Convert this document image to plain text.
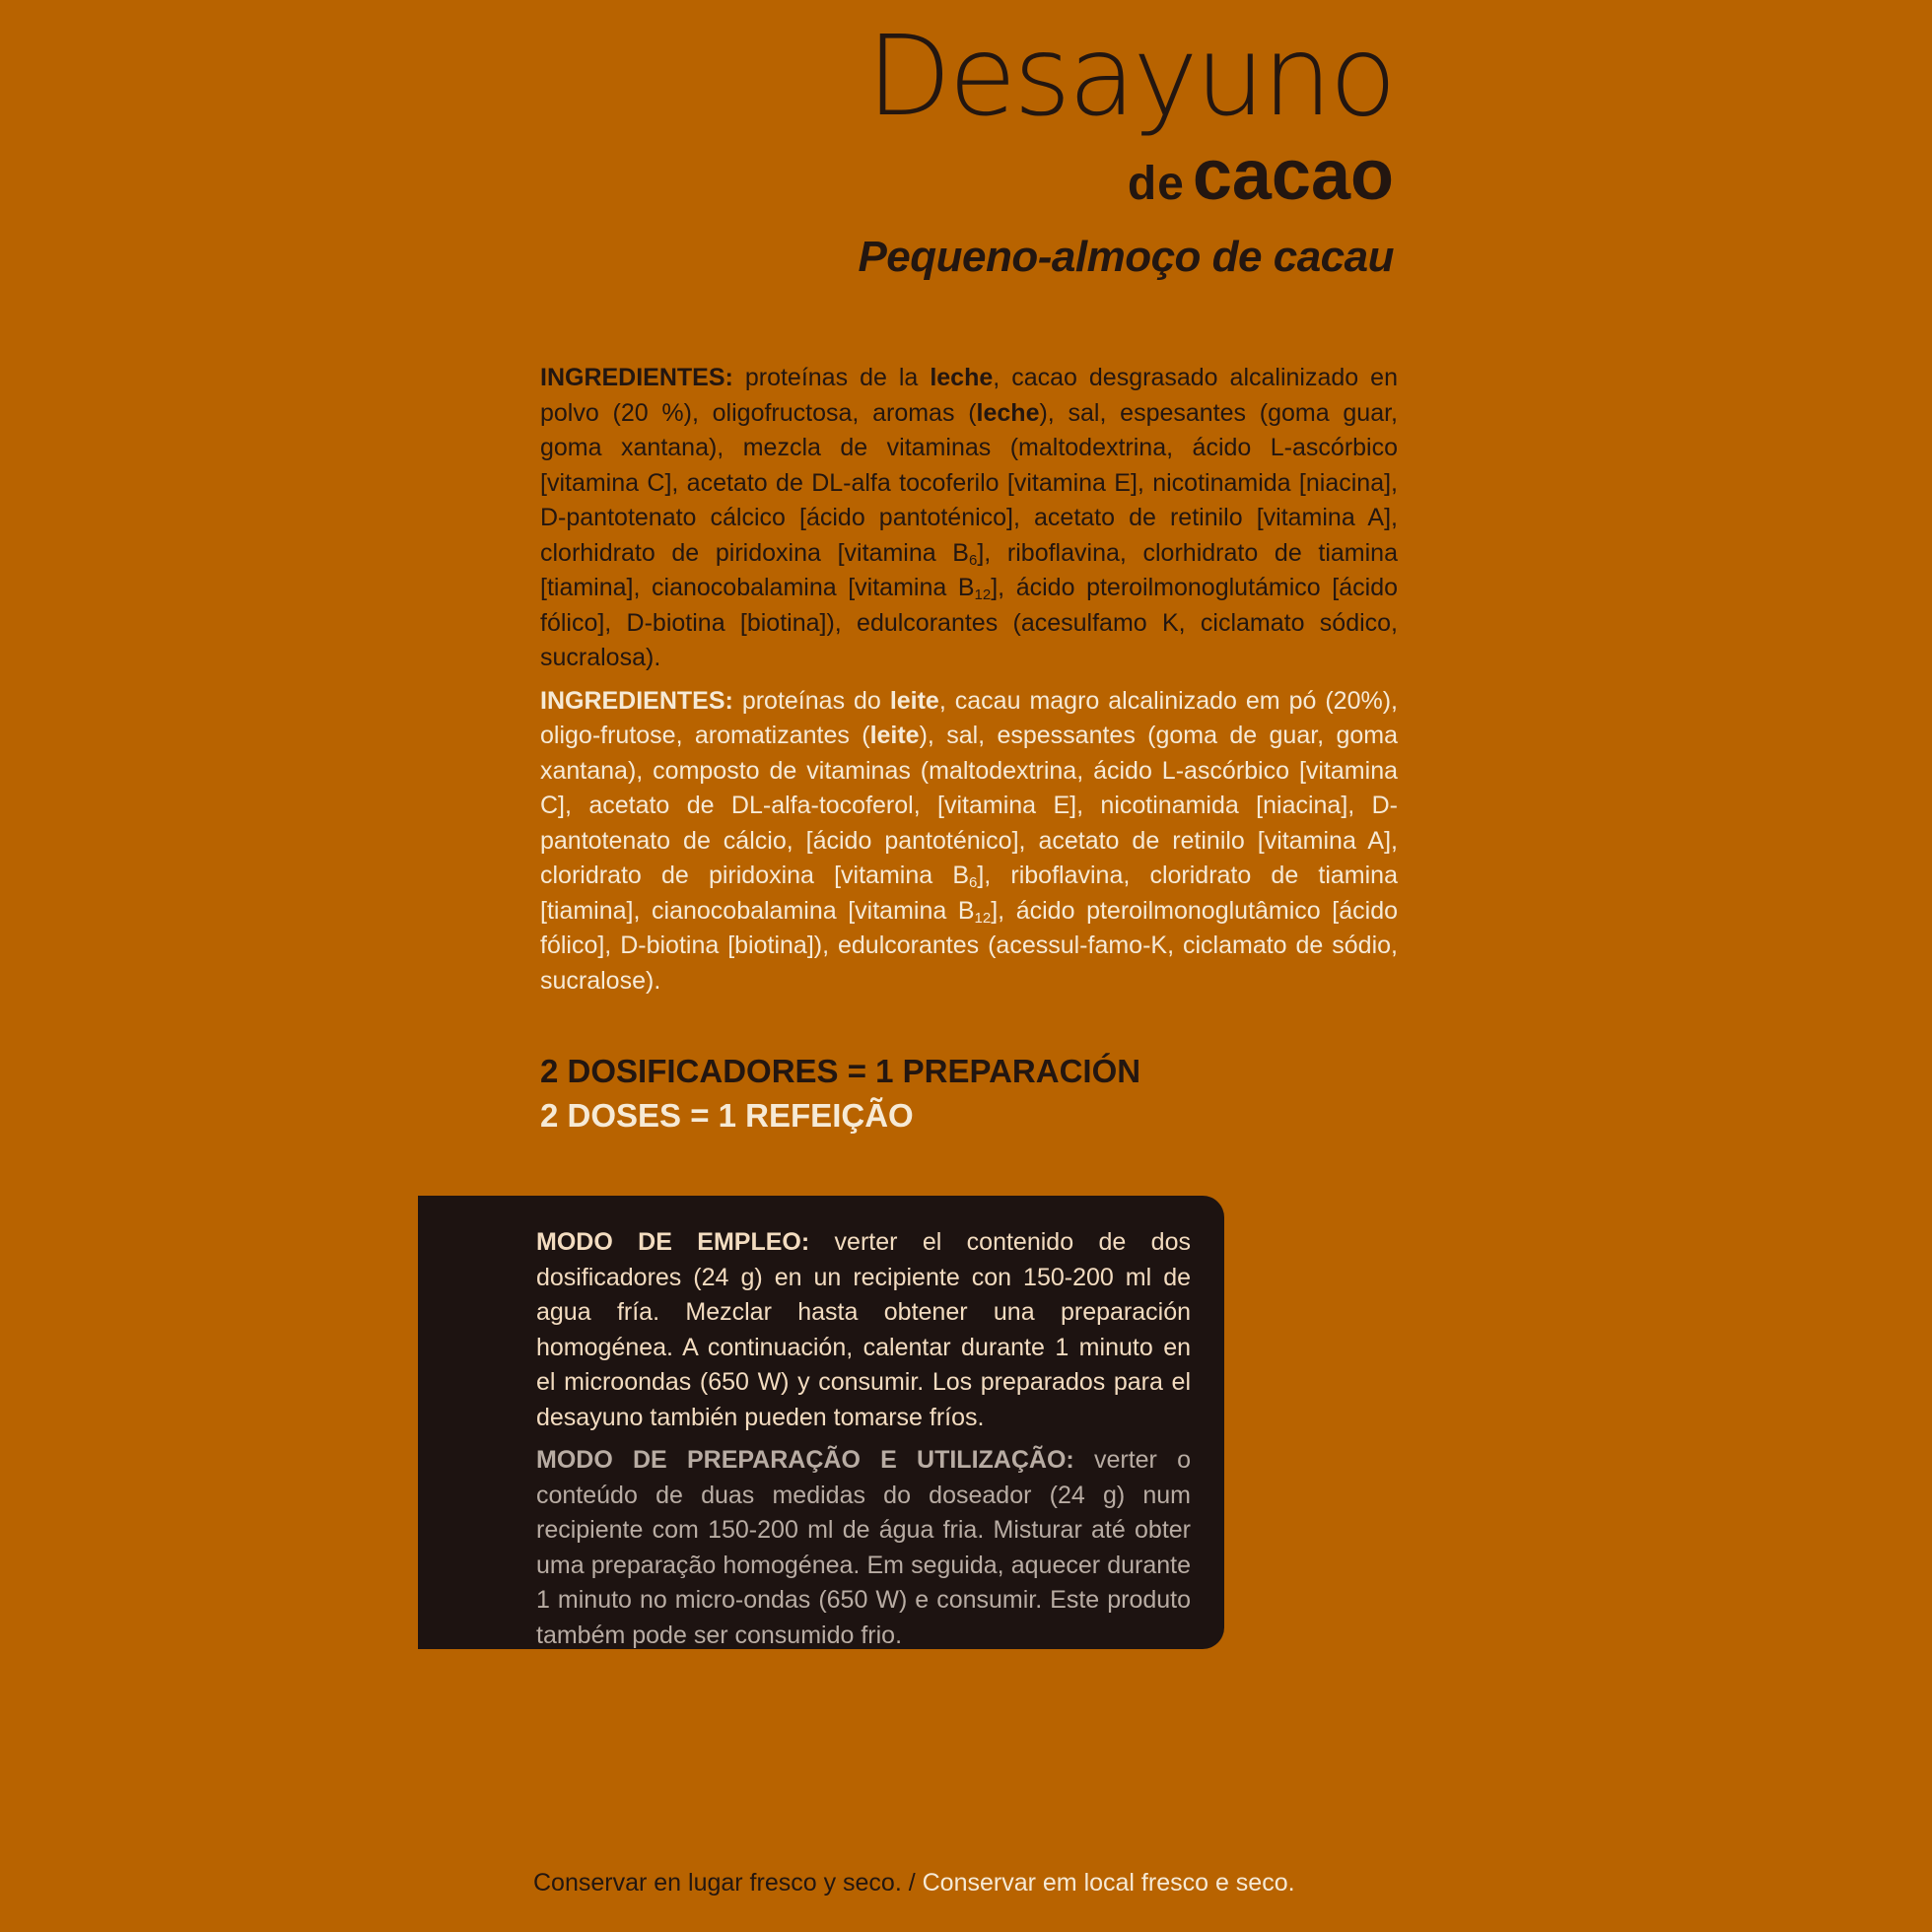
Desayuno
de cacao
Pequeno-almoço de cacau

INGREDIENTES: proteínas de la leche, cacao desgrasado alcalinizado en polvo (20 %), oligofructosa, aromas (leche), sal, espesantes (goma guar, goma xantana), mezcla de vitaminas (maltodextrina, ácido L-ascórbico [vitamina C], acetato de DL-alfa tocoferilo [vitamina E], nicotinamida [niacina], D-pantotenato cálcico [ácido pantoténico], acetato de retinilo [vitamina A], clorhidrato de piridoxina [vitamina $B_6$], riboflavina, clorhidrato de tiamina [tiamina], cianocobalamina [vitamina $B_{12}$], ácido pteroilmonoglutámico [ácido fólico], D-biotina [biotina]), edulcorantes (acesulfamo K, ciclamato sódico, sucralosa).

INGREDIENTES: proteínas do leite, cacau magro alcalinizado em pó (20%), oligo-frutose, aromatizantes (leite), sal, espessantes (goma de guar, goma xantana), composto de vitaminas (maltodextrina, ácido L-ascórbico [vitamina C], acetato de DL-alfa-tocoferol, [vitamina E], nicotinamida [niacina], D-pantotenato de cálcio, [ácido pantoténico], acetato de retinilo [vitamina A], cloridrato de piridoxina [vitamina $B_6$], riboflavina, cloridrato de tiamina [tiamina], cianocobalamina [vitamina $B_{12}$], ácido pteroilmonoglutâmico [ácido fólico], D-biotina [biotina]), edulcorantes (acessul-famo-K, ciclamato de sódio, sucralose).

2 DOSIFICADORES = 1 PREPARACIÓN
2 DOSES = 1 REFEIÇÃO

MODO DE EMPLEO: verter el contenido de dos dosificadores (24 g) en un recipiente con 150-200 ml de agua fría. Mezclar hasta obtener una preparación homogénea. A continuación, calentar durante 1 minuto en el microondas (650 W) y consumir. Los preparados para el desayuno también pueden tomarse fríos.

MODO DE PREPARAÇÃO E UTILIZAÇÃO: verter o conteúdo de duas medidas do doseador (24 g) num recipiente com 150-200 ml de água fria. Misturar até obter uma preparação homogénea. Em seguida, aquecer durante 1 minuto no micro-ondas (650 W) e consumir. Este produto também pode ser consumido frio.

Conservar en lugar fresco y seco. / Conservar em local fresco e seco.
